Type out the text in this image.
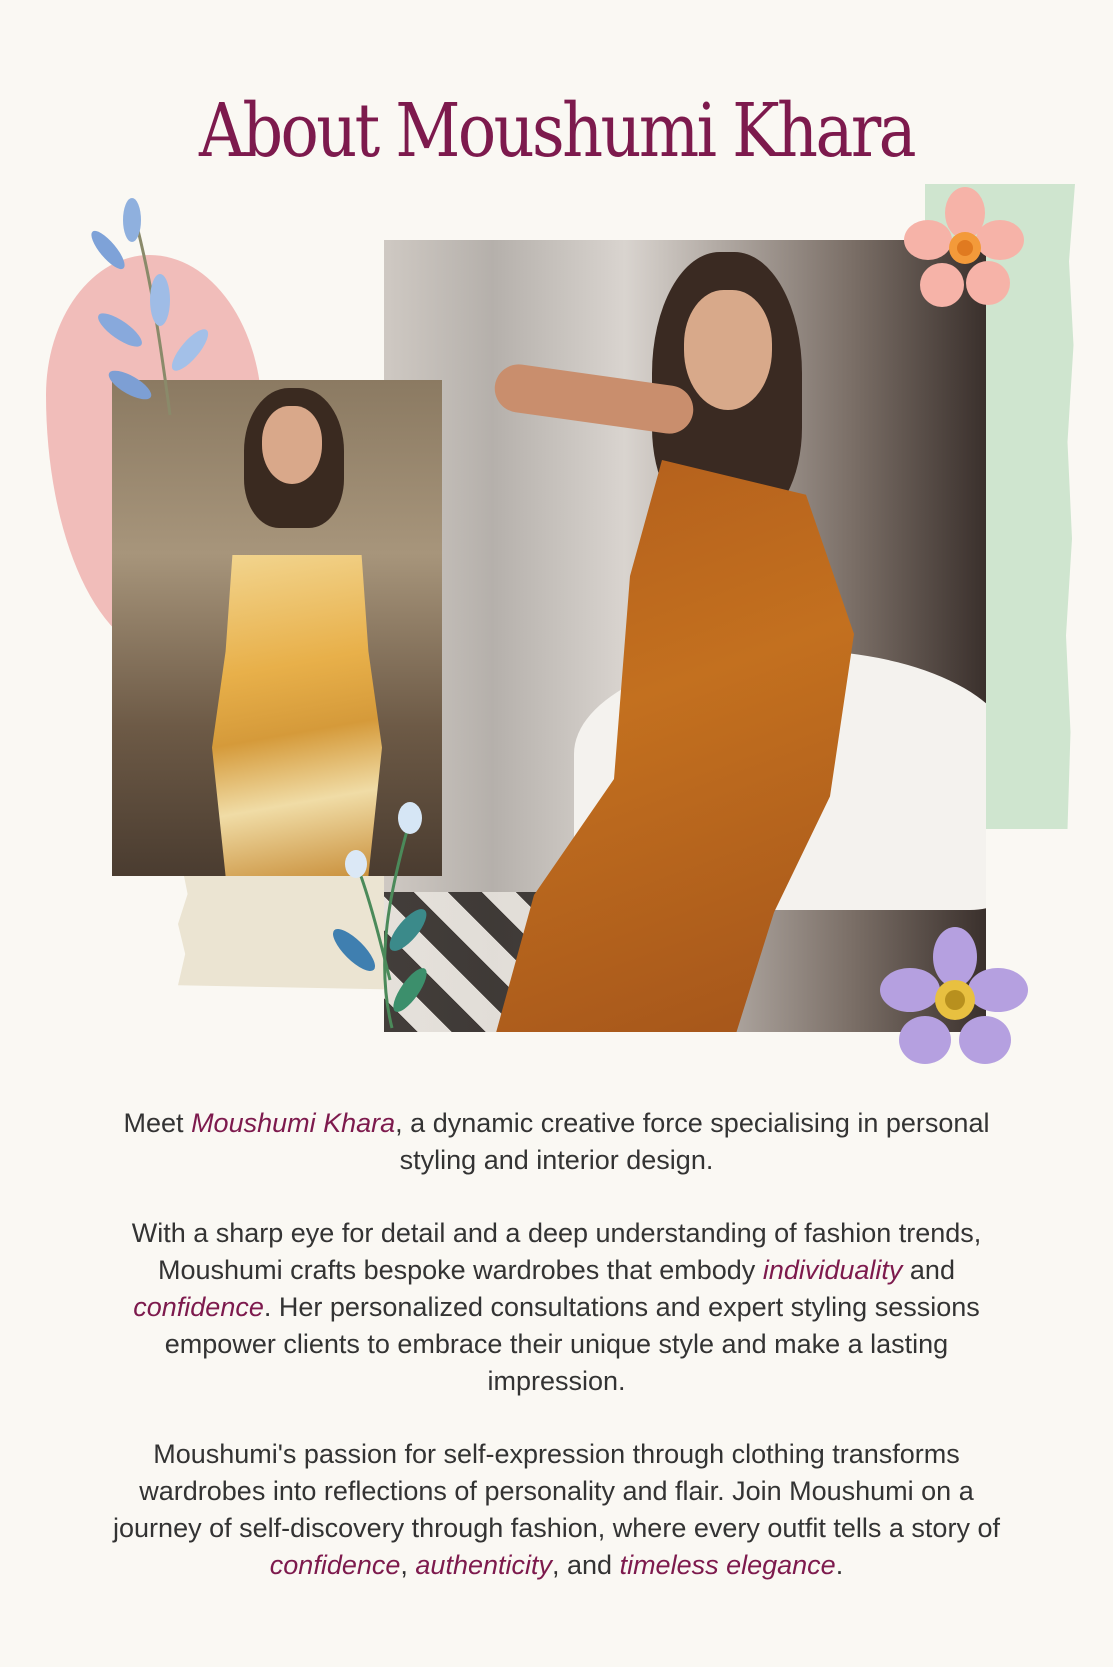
About Moushumi Khara

Meet Moushumi Khara, a dynamic creative force specialising in personal styling and interior design.

With a sharp eye for detail and a deep understanding of fashion trends, Moushumi crafts bespoke wardrobes that embody individuality and confidence. Her personalized consultations and expert styling sessions empower clients to embrace their unique style and make a lasting impression.

Moushumi's passion for self-expression through clothing transforms wardrobes into reflections of personality and flair. Join Moushumi on a journey of self-discovery through fashion, where every outfit tells a story of confidence, authenticity, and timeless elegance.
